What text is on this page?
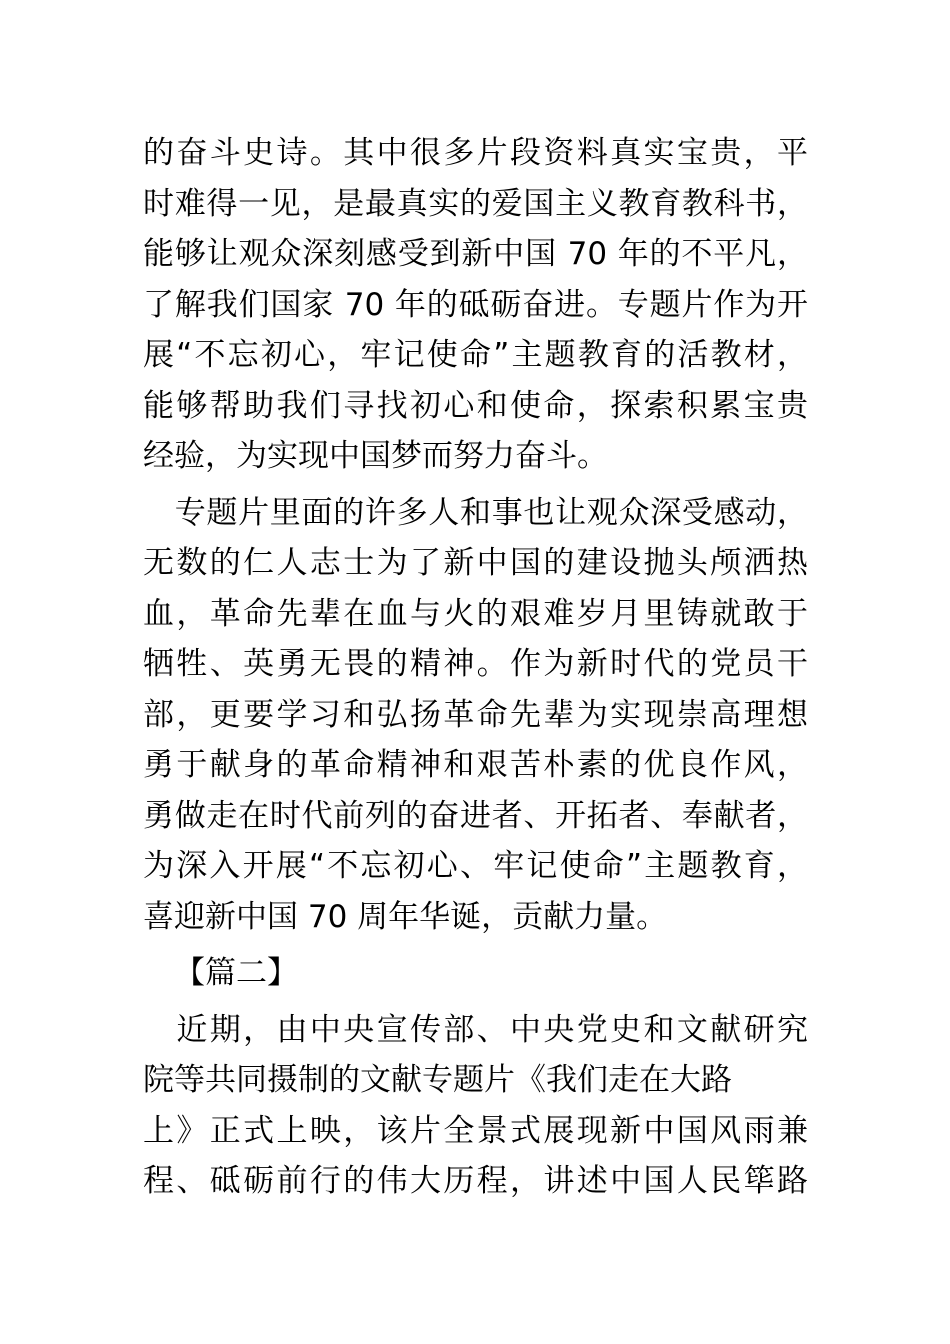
的奋斗史诗。其中很多片段资料真实宝贵，平
时难得一见，是最真实的爱国主义教育教科书，
能够让观众深刻感受到新中国 70 年的不平凡，
了解我们国家 70 年的砥砺奋进。专题片作为开
展“不忘初心，牢记使命”主题教育的活教材，
能够帮助我们寻找初心和使命，探索积累宝贵
经验，为实现中国梦而努力奋斗。
　专题片里面的许多人和事也让观众深受感动，
无数的仁人志士为了新中国的建设抛头颅洒热
血，革命先辈在血与火的艰难岁月里铸就敢于
牺牲、英勇无畏的精神。作为新时代的党员干
部，更要学习和弘扬革命先辈为实现崇高理想
勇于献身的革命精神和艰苦朴素的优良作风，
勇做走在时代前列的奋进者、开拓者、奉献者，
为深入开展“不忘初心、牢记使命”主题教育，
喜迎新中国 70 周年华诞，贡献力量。
【篇二】
　近期，由中央宣传部、中央党史和文献研究
院等共同摄制的文献专题片《我们走在大路
上》正式上映，该片全景式展现新中国风雨兼
程、砥砺前行的伟大历程，讲述中国人民筚路
